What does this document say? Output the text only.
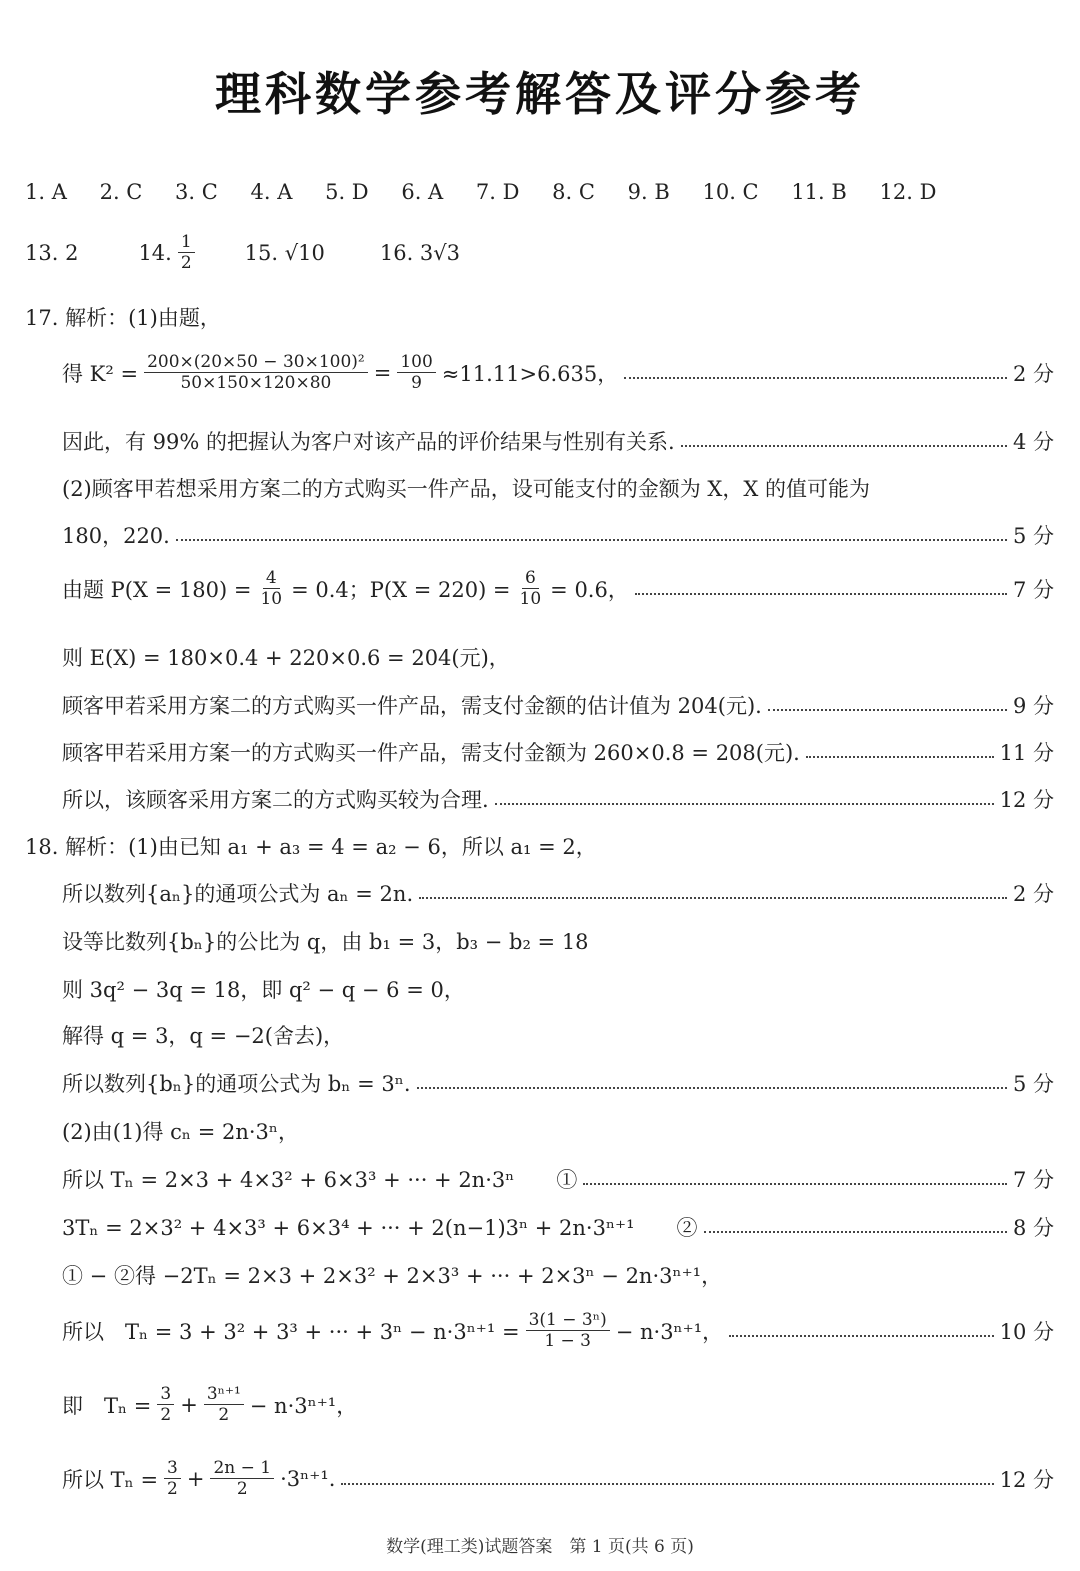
理科数学参考解答及评分参考
1. A 2. C 3. C 4. A 5. D 6. A 7. D 8. C 9. B 10. C 11. B 12. D
13. 2	14. $\frac{1}{2} 15$. √10	16. 3√3
17. 解析：(1)由题，
得 $K^2 = \frac{\text{200×(20×50 − 30×100)²}}{50\times 150\times 120\times 80} = \frac{100}{9} \approx 11.11>6.635$，	2 分
因此，有 99% 的把握认为客户对该产品的评价结果与性别有关系.	4 分
(2)顾客甲若想采用方案二的方式购买一件产品，设可能支付的金额为 X，X 的值可能为
180，220.	5 分
由题 $P(X = 180) = \frac{4}{10} = 0.4$；$P(X = 220) = \frac{6}{10} = 0.6$，	7 分
则 E(X) = 180×0.4 + 220×0.6 = 204(元)，
顾客甲若采用方案二的方式购买一件产品，需支付金额的估计值为 204(元).	9 分
顾客甲若采用方案一的方式购买一件产品，需支付金额为 260×0.8 = 208(元).	11 分
所以，该顾客采用方案二的方式购买较为合理.	12 分
18. 解析：(1)由已知 a₁ + a₃ = 4 = a₂ − 6，所以 a₁ = 2，
所以数列{aₙ}的通项公式为 aₙ = 2n.	2 分
设等比数列{bₙ}的公比为 q，由 b₁ = 3，b₃ − b₂ = 18
则 3q² − 3q = 18，即 q² − q − 6 = 0，
解得 q = 3，q = −2(舍去)，
所以数列{bₙ}的通项公式为 bₙ = 3ⁿ.	5 分
(2)由(1)得 cₙ = 2n·3ⁿ，
所以 Tₙ = 2×3 + 4×3² + 6×3³ + ··· + 2n·3ⁿ　　①	7 分
3Tₙ = 2×3² + 4×3³ + 6×3⁴ + ··· + 2(n−1)3ⁿ + 2n·3ⁿ⁺¹　　②	8 分
① − ②得 −2Tₙ = 2×3 + 2×3² + 2×3³ + ··· + 2×3ⁿ − 2n·3ⁿ⁺¹，
所以　Tₙ = 3 + 3² + 3³ + ··· + $3^n - n\cdot 3^{n+1} = \frac{\text{3(1 − 3ⁿ)}}{1 - 3} - n\cdot 3^{n+1}$，	10 分
即　$T_n = \frac{3}{2} + \frac{\text{3ⁿ⁺¹}}{2} - n\cdot 3^{n+1}$，
所以 $T_n = \frac{3}{2} + \frac{2n - 1}{2} \cdot 3^{n+1}$.	12 分
数学(理工类)试题答案　第 1 页(共 6 页)
